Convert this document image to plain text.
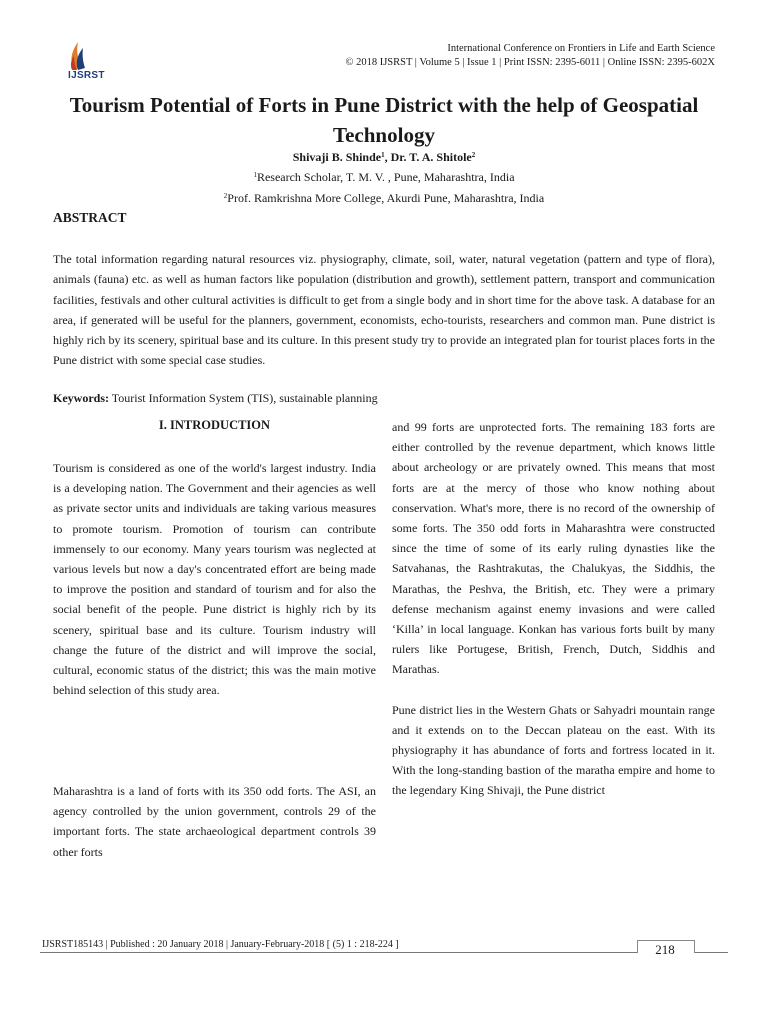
IJSRST
International Conference on Frontiers in Life and Earth Science
© 2018 IJSRST | Volume 5 | Issue 1 | Print ISSN: 2395-6011 | Online ISSN: 2395-602X
Tourism Potential of Forts in Pune District with the help of Geospatial Technology
Shivaji B. Shinde$^1$, Dr. T. A. Shitole$^2$
$^1$Research Scholar, T. M. V. , Pune, Maharashtra, India
$^2$Prof. Ramkrishna More College, Akurdi Pune, Maharashtra, India
ABSTRACT

The total information regarding natural resources viz. physiography, climate, soil, water, natural vegetation (pattern and type of flora), animals (fauna) etc. as well as human factors like population (distribution and growth), settlement pattern, transport and communication facilities, festivals and other cultural activities is difficult to get from a single body and in short time for the above task. A database for an area, if generated will be useful for the planners, government, economists, echo-tourists, researchers and common man. Pune district is highly rich by its scenery, spiritual base and its culture. In this present study try to provide an integrated plan for tourist places forts in the Pune district with some special case studies.

Keywords: Tourist Information System (TIS), sustainable planning
I. INTRODUCTION

Tourism is considered as one of the world's largest industry. India is a developing nation. The Government and their agencies as well as private sector units and individuals are taking various measures to promote tourism. Promotion of tourism can contribute immensely to our economy. Many years tourism was neglected at various levels but now a day's concentrated effort are being made to improve the position and standard of tourism and for also the social benefit of the people. Pune district is highly rich by its scenery, spiritual base and its culture. Tourism industry will change the future of the district and will improve the social, cultural, economic status of the district; this was the main motive behind selection of this study area.

Maharashtra is a land of forts with its 350 odd forts. The ASI, an agency controlled by the union government, controls 29 of the important forts. The state archaeological department controls 39 other forts

and 99 forts are unprotected forts. The remaining 183 forts are either controlled by the revenue department, which knows little about archeology or are privately owned. This means that most forts are at the mercy of those who know nothing about conservation. What's more, there is no record of the ownership of some forts. The 350 odd forts in Maharashtra were constructed since the time of some of its early ruling dynasties like the Satvahanas, the Rashtrakutas, the Chalukyas, the Siddhis, the Marathas, the Peshva, the British, etc. They were a primary defense mechanism against enemy invasions and were called ‘Killa’ in local language. Konkan has various forts built by many rulers like Portugese, British, French, Dutch, Siddhis and Marathas.

Pune district lies in the Western Ghats or Sahyadri mountain range and it extends on to the Deccan plateau on the east. With its physiography it has abundance of forts and fortress located in it. With the long-standing bastion of the maratha empire and home to the legendary King Shivaji, the Pune district

IJSRST185143 | Published : 20 January 2018 | January-February-2018 [ (5) 1 : 218-224 ]	218
